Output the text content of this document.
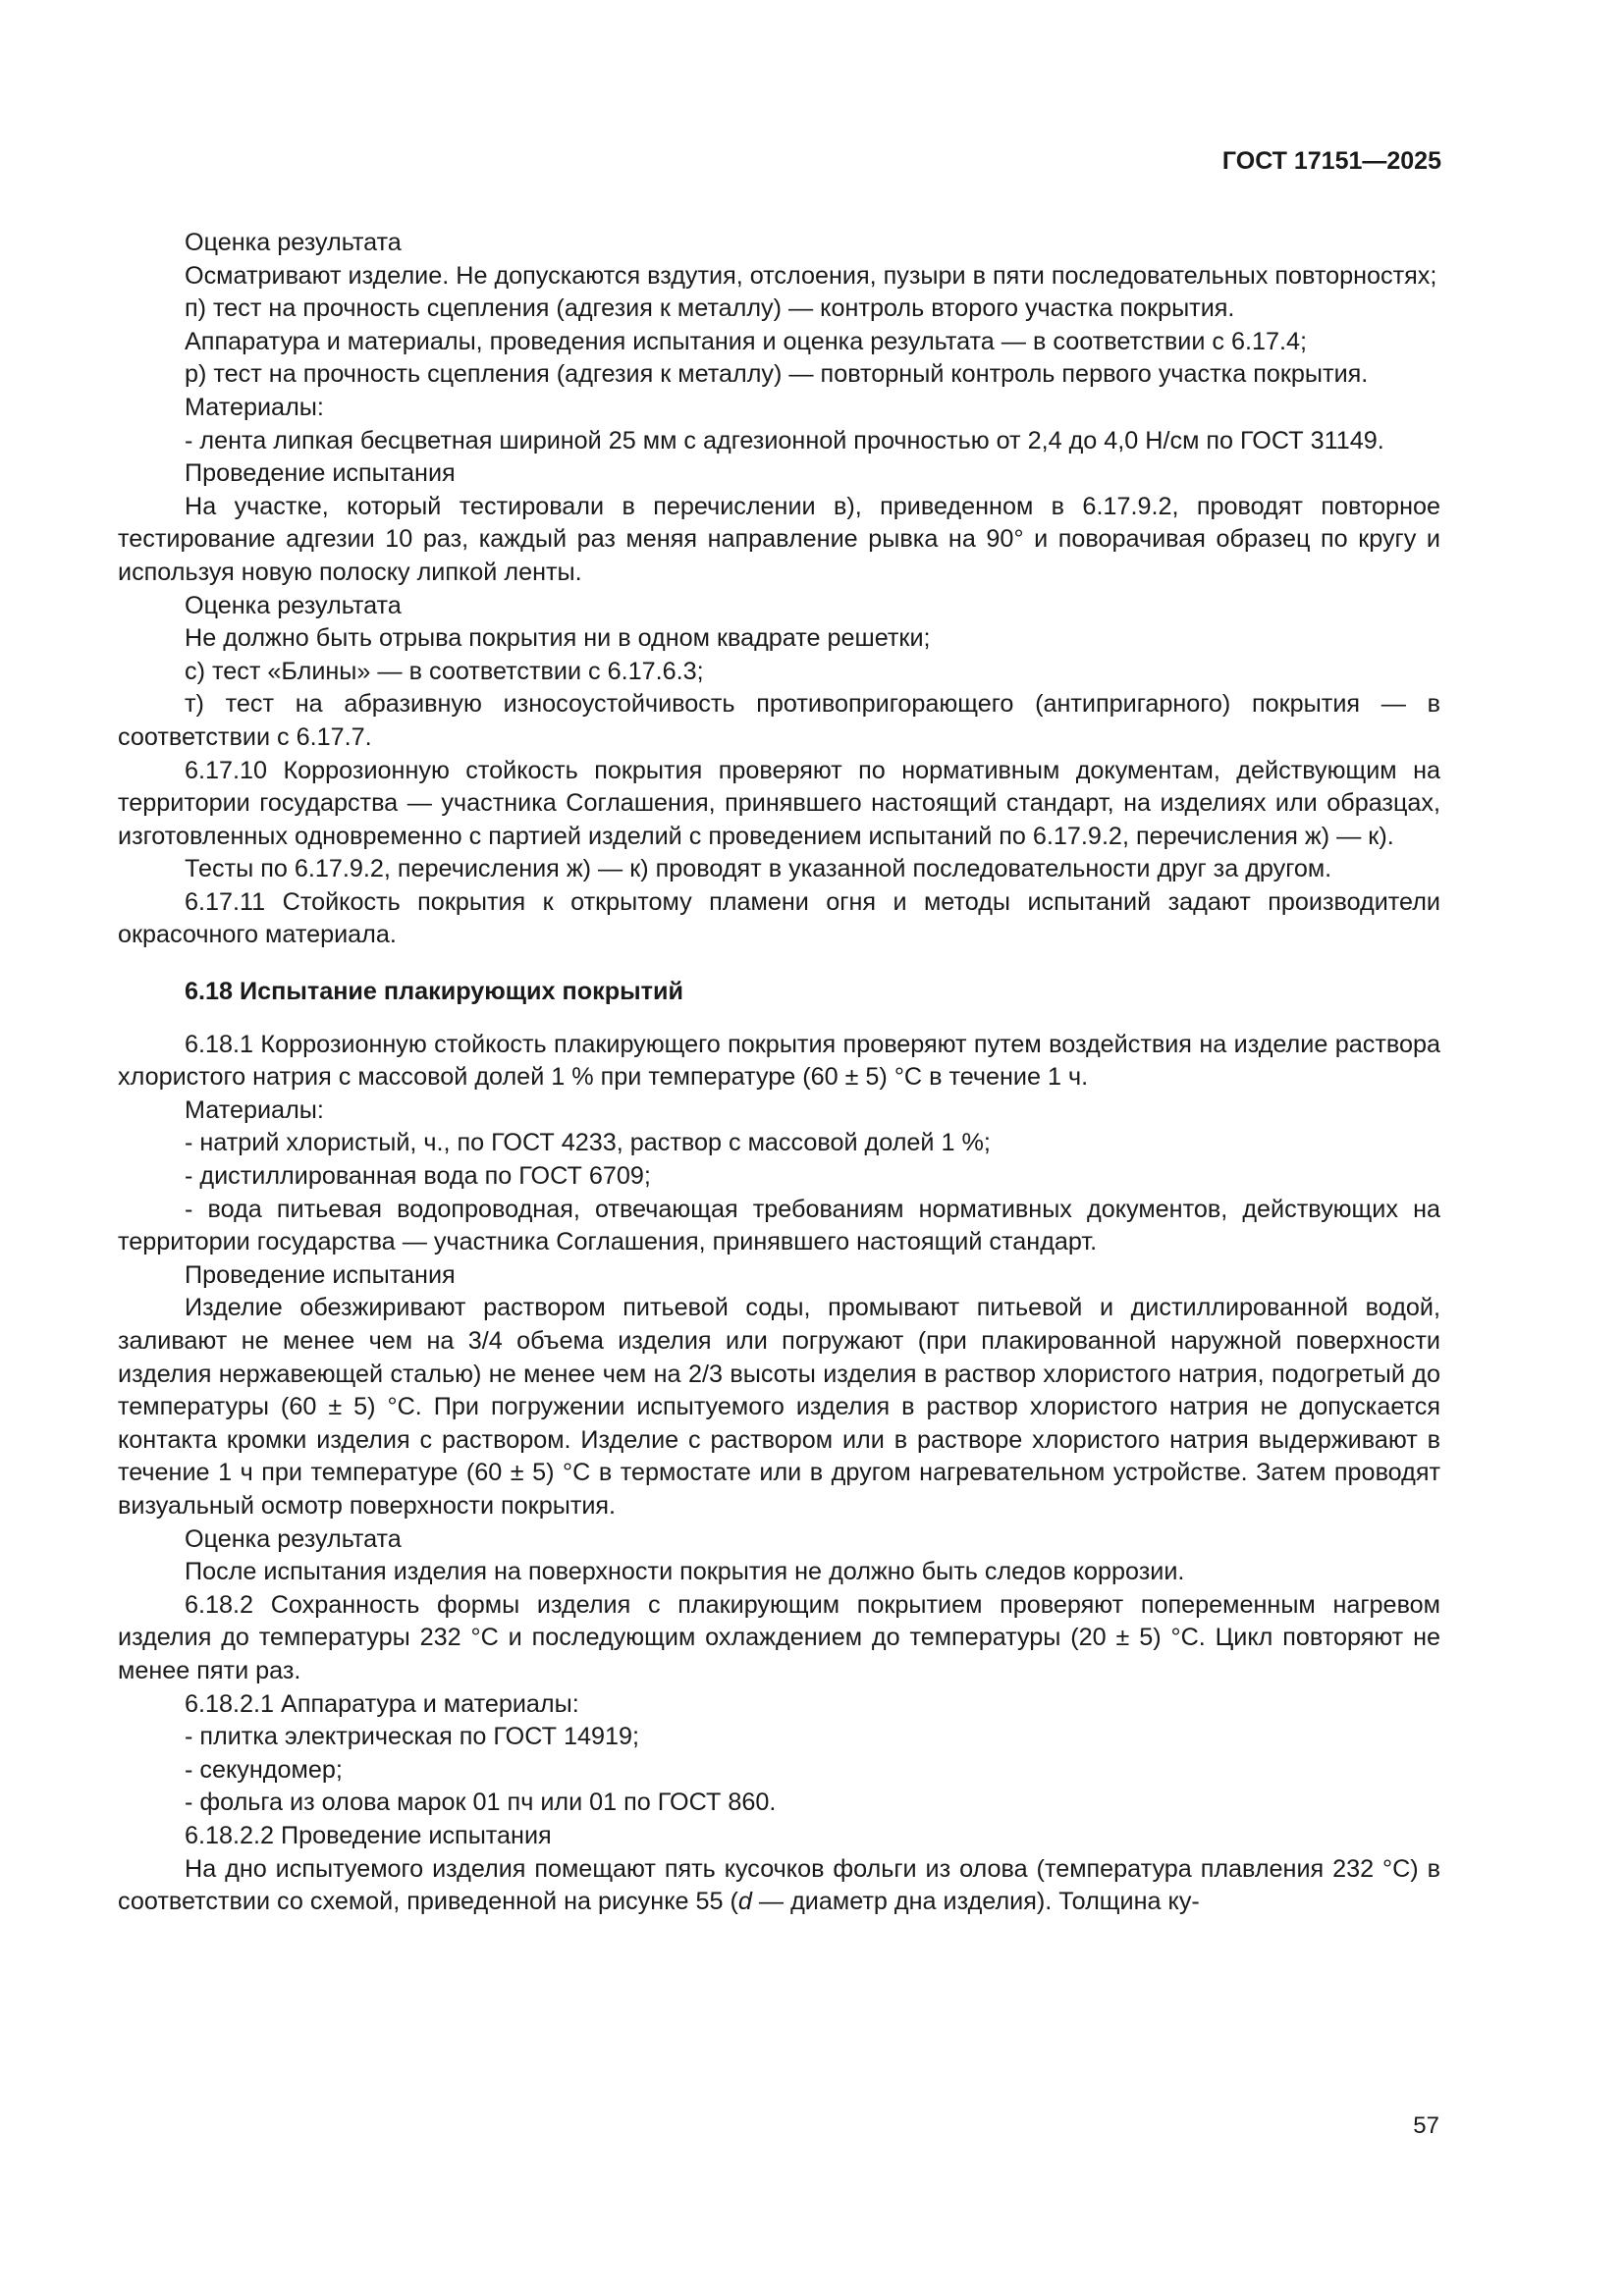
ГОСТ 17151—2025

Оценка результата

Осматривают изделие. Не допускаются вздутия, отслоения, пузыри в пяти последовательных повторностях;

п) тест на прочность сцепления (адгезия к металлу) — контроль второго участка покрытия.

Аппаратура и материалы, проведения испытания и оценка результата — в соответствии с 6.17.4;

р) тест на прочность сцепления (адгезия к металлу) — повторный контроль первого участка покрытия.

Материалы:

- лента липкая бесцветная шириной 25 мм с адгезионной прочностью от 2,4 до 4,0 Н/см по ГОСТ 31149.

Проведение испытания

На участке, который тестировали в перечислении в), приведенном в 6.17.9.2, проводят повторное тестирование адгезии 10 раз, каждый раз меняя направление рывка на 90° и поворачивая образец по кругу и используя новую полоску липкой ленты.

Оценка результата

Не должно быть отрыва покрытия ни в одном квадрате решетки;

с) тест «Блины» — в соответствии с 6.17.6.3;

т) тест на абразивную износоустойчивость противопригорающего (антипригарного) покрытия — в соответствии с 6.17.7.

6.17.10 Коррозионную стойкость покрытия проверяют по нормативным документам, действующим на территории государства — участника Соглашения, принявшего настоящий стандарт, на изделиях или образцах, изготовленных одновременно с партией изделий с проведением испытаний по 6.17.9.2, перечисления ж) — к).

Тесты по 6.17.9.2, перечисления ж) — к) проводят в указанной последовательности друг за другом.

6.17.11 Стойкость покрытия к открытому пламени огня и методы испытаний задают производители окрасочного материала.

6.18 Испытание плакирующих покрытий

6.18.1 Коррозионную стойкость плакирующего покрытия проверяют путем воздействия на изделие раствора хлористого натрия с массовой долей 1 % при температуре (60 ± 5) °С в течение 1 ч.

Материалы:

- натрий хлористый, ч., по ГОСТ 4233, раствор с массовой долей 1 %;

- дистиллированная вода по ГОСТ 6709;

- вода питьевая водопроводная, отвечающая требованиям нормативных документов, действующих на территории государства — участника Соглашения, принявшего настоящий стандарт.

Проведение испытания

Изделие обезжиривают раствором питьевой соды, промывают питьевой и дистиллированной водой, заливают не менее чем на 3/4 объема изделия или погружают (при плакированной наружной поверхности изделия нержавеющей сталью) не менее чем на 2/3 высоты изделия в раствор хлористого натрия, подогретый до температуры (60 ± 5) °С. При погружении испытуемого изделия в раствор хлористого натрия не допускается контакта кромки изделия с раствором. Изделие с раствором или в растворе хлористого натрия выдерживают в течение 1 ч при температуре (60 ± 5) °С в термостате или в другом нагревательном устройстве. Затем проводят визуальный осмотр поверхности покрытия.

Оценка результата

После испытания изделия на поверхности покрытия не должно быть следов коррозии.

6.18.2 Сохранность формы изделия с плакирующим покрытием проверяют попеременным нагревом изделия до температуры 232 °С и последующим охлаждением до температуры (20 ± 5) °С. Цикл повторяют не менее пяти раз.

6.18.2.1 Аппаратура и материалы:

- плитка электрическая по ГОСТ 14919;

- секундомер;

- фольга из олова марок 01 пч или 01 по ГОСТ 860.

6.18.2.2 Проведение испытания

На дно испытуемого изделия помещают пять кусочков фольги из олова (температура плавления 232 °С) в соответствии со схемой, приведенной на рисунке 55 (d — диаметр дна изделия). Толщина ку-

57
